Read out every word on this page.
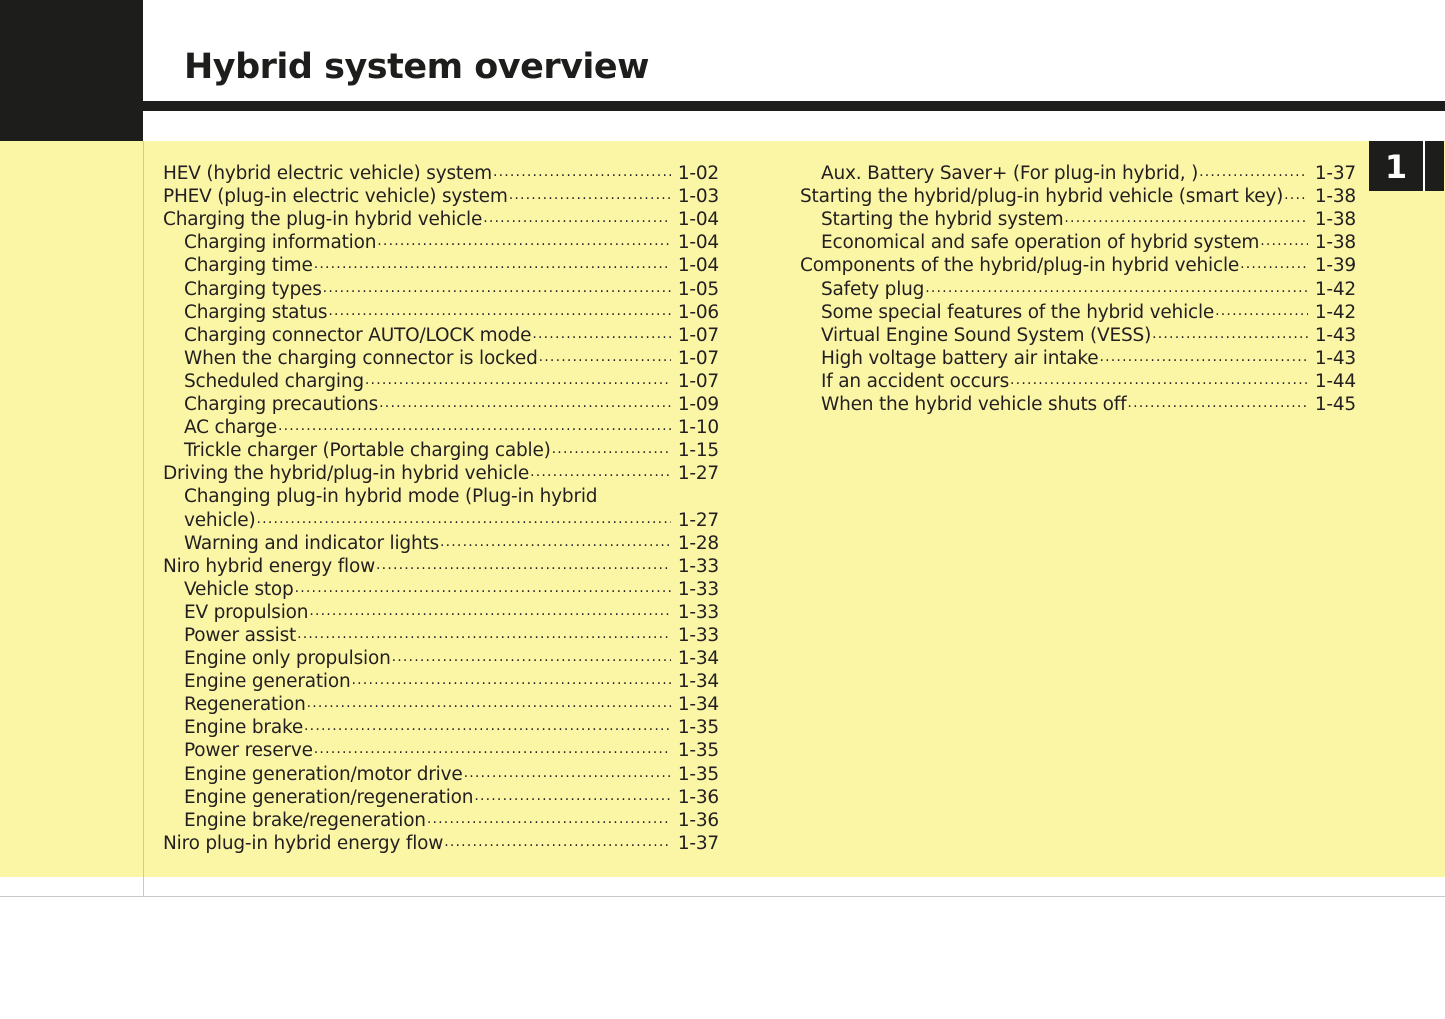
Hybrid system overview
1
HEV (hybrid electric vehicle) system .....	1-02
PHEV (plug-in electric vehicle) system .....	1-03
Charging the plug-in hybrid vehicle .....	1-04
Charging information .....	1-04
Charging time .....	1-04
Charging types .....	1-05
Charging status .....	1-06
Charging connector AUTO/LOCK mode .....	1-07
When the charging connector is locked .....	1-07
Scheduled charging .....	1-07
Charging precautions .....	1-09
AC charge .....	1-10
Trickle charger (Portable charging cable) .....	1-15
Driving the hybrid/plug-in hybrid vehicle .....	1-27
Changing plug-in hybrid mode (Plug-in hybrid
vehicle) .....	1-27
Warning and indicator lights .....	1-28
Niro hybrid energy flow .....	1-33
Vehicle stop .....	1-33
EV propulsion .....	1-33
Power assist .....	1-33
Engine only propulsion .....	1-34
Engine generation .....	1-34
Regeneration .....	1-34
Engine brake .....	1-35
Power reserve .....	1-35
Engine generation/motor drive .....	1-35
Engine generation/regeneration .....	1-36
Engine brake/regeneration .....	1-36
Niro plug-in hybrid energy flow .....	1-37
Aux. Battery Saver+ (For plug-in hybrid, ) .....	1-37
Starting the hybrid/plug-in hybrid vehicle (smart key) ..... 1-38
Starting the hybrid system .....	1-38
Economical and safe operation of hybrid system .....	1-38
Components of the hybrid/plug-in hybrid vehicle .....	1-39
Safety plug .....	1-42
Some special features of the hybrid vehicle .....	1-42
Virtual Engine Sound System (VESS) .....	1-43
High voltage battery air intake .....	1-43
If an accident occurs .....	1-44
When the hybrid vehicle shuts off .....	1-45
